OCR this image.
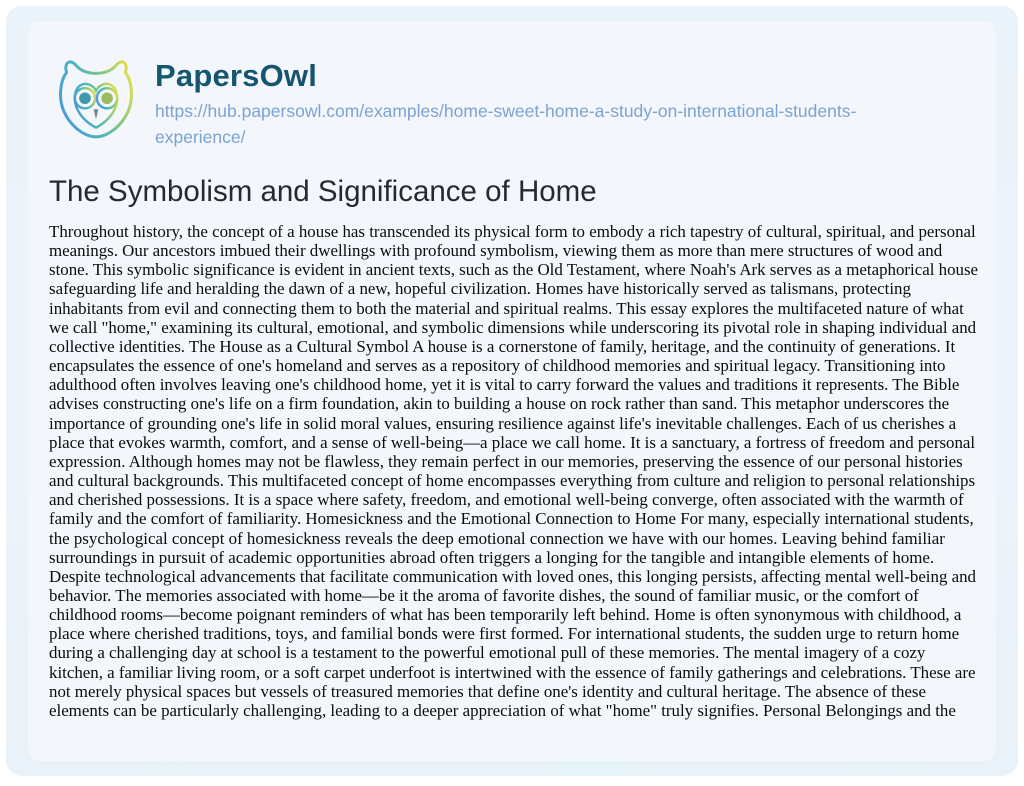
PapersOwl
https://hub.papersowl.com/examples/home-sweet-home-a-study-on-international-students-experience/
The Symbolism and Significance of Home

Throughout history, the concept of a house has transcended its physical form to embody a rich tapestry of cultural, spiritual, and personal meanings. Our ancestors imbued their dwellings with profound symbolism, viewing them as more than mere structures of wood and stone. This symbolic significance is evident in ancient texts, such as the Old Testament, where Noah's Ark serves as a metaphorical house safeguarding life and heralding the dawn of a new, hopeful civilization. Homes have historically served as talismans, protecting inhabitants from evil and connecting them to both the material and spiritual realms. This essay explores the multifaceted nature of what we call "home," examining its cultural, emotional, and symbolic dimensions while underscoring its pivotal role in shaping individual and collective identities. The House as a Cultural Symbol A house is a cornerstone of family, heritage, and the continuity of generations. It encapsulates the essence of one's homeland and serves as a repository of childhood memories and spiritual legacy. Transitioning into adulthood often involves leaving one's childhood home, yet it is vital to carry forward the values and traditions it represents. The Bible advises constructing one's life on a firm foundation, akin to building a house on rock rather than sand. This metaphor underscores the importance of grounding one's life in solid moral values, ensuring resilience against life's inevitable challenges. Each of us cherishes a place that evokes warmth, comfort, and a sense of well-being—a place we call home. It is a sanctuary, a fortress of freedom and personal expression. Although homes may not be flawless, they remain perfect in our memories, preserving the essence of our personal histories and cultural backgrounds. This multifaceted concept of home encompasses everything from culture and religion to personal relationships and cherished possessions. It is a space where safety, freedom, and emotional well-being converge, often associated with the warmth of family and the comfort of familiarity. Homesickness and the Emotional Connection to Home For many, especially international students, the psychological concept of homesickness reveals the deep emotional connection we have with our homes. Leaving behind familiar surroundings in pursuit of academic opportunities abroad often triggers a longing for the tangible and intangible elements of home. Despite technological advancements that facilitate communication with loved ones, this longing persists, affecting mental well-being and behavior. The memories associated with home—be it the aroma of favorite dishes, the sound of familiar music, or the comfort of childhood rooms—become poignant reminders of what has been temporarily left behind. Home is often synonymous with childhood, a place where cherished traditions, toys, and familial bonds were first formed. For international students, the sudden urge to return home during a challenging day at school is a testament to the powerful emotional pull of these memories. The mental imagery of a cozy kitchen, a familiar living room, or a soft carpet underfoot is intertwined with the essence of family gatherings and celebrations. These are not merely physical spaces but vessels of treasured memories that define one's identity and cultural heritage. The absence of these elements can be particularly challenging, leading to a deeper appreciation of what "home" truly signifies. Personal Belongings and the
